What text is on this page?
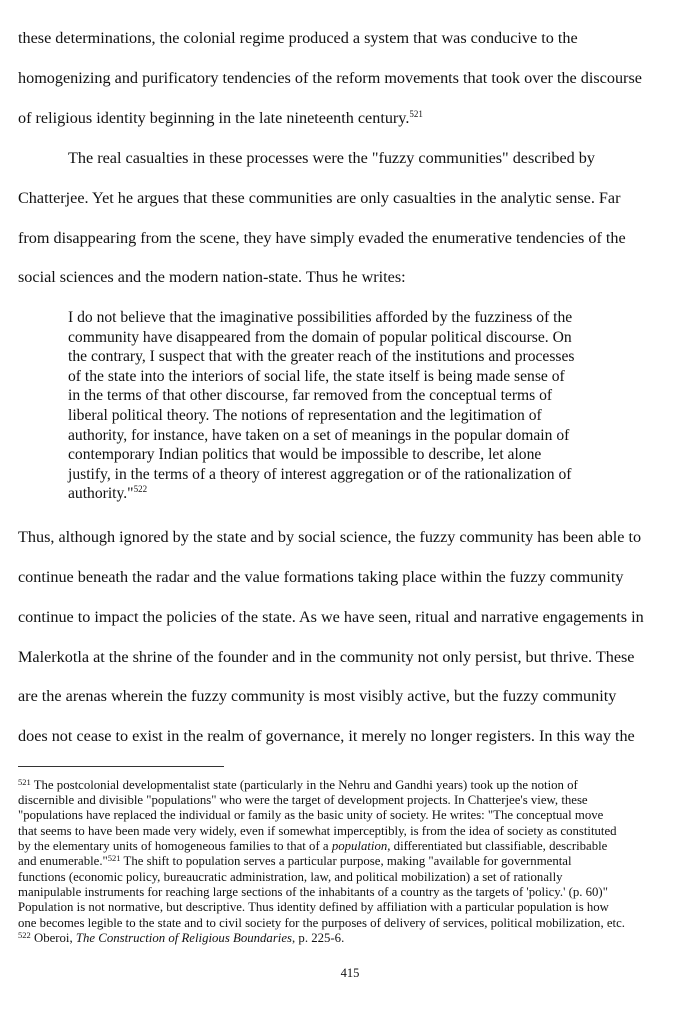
these determinations, the colonial regime produced a system that was conducive to the
homogenizing and purificatory tendencies of the reform movements that took over the discourse
of religious identity beginning in the late nineteenth century.$^{521}$
The real casualties in these processes were the "fuzzy communities" described by
Chatterjee. Yet he argues that these communities are only casualties in the analytic sense. Far
from disappearing from the scene, they have simply evaded the enumerative tendencies of the
social sciences and the modern nation-state. Thus he writes:
I do not believe that the imaginative possibilities afforded by the fuzziness of the
community have disappeared from the domain of popular political discourse. On
the contrary, I suspect that with the greater reach of the institutions and processes
of the state into the interiors of social life, the state itself is being made sense of
in the terms of that other discourse, far removed from the conceptual terms of
liberal political theory. The notions of representation and the legitimation of
authority, for instance, have taken on a set of meanings in the popular domain of
contemporary Indian politics that would be impossible to describe, let alone
justify, in the terms of a theory of interest aggregation or of the rationalization of
authority."$^{522}$
Thus, although ignored by the state and by social science, the fuzzy community has been able to
continue beneath the radar and the value formations taking place within the fuzzy community
continue to impact the policies of the state. As we have seen, ritual and narrative engagements in
Malerkotla at the shrine of the founder and in the community not only persist, but thrive. These
are the arenas wherein the fuzzy community is most visibly active, but the fuzzy community
does not cease to exist in the realm of governance, it merely no longer registers. In this way the
$^{521}$ The postcolonial developmentalist state (particularly in the Nehru and Gandhi years) took up the notion of
discernible and divisible "populations" who were the target of development projects. In Chatterjee's view, these
"populations have replaced the individual or family as the basic unity of society. He writes: "The conceptual move
that seems to have been made very widely, even if somewhat imperceptibly, is from the idea of society as constituted
by the elementary units of homogeneous families to that of a population, differentiated but classifiable, describable
and enumerable."$^{521}$ The shift to population serves a particular purpose, making "available for governmental
functions (economic policy, bureaucratic administration, law, and political mobilization) a set of rationally
manipulable instruments for reaching large sections of the inhabitants of a country as the targets of 'policy.' (p. 60)"
Population is not normative, but descriptive. Thus identity defined by affiliation with a particular population is how
one becomes legible to the state and to civil society for the purposes of delivery of services, political mobilization, etc.
$^{522}$ Oberoi, The Construction of Religious Boundaries, p. 225-6.
415
